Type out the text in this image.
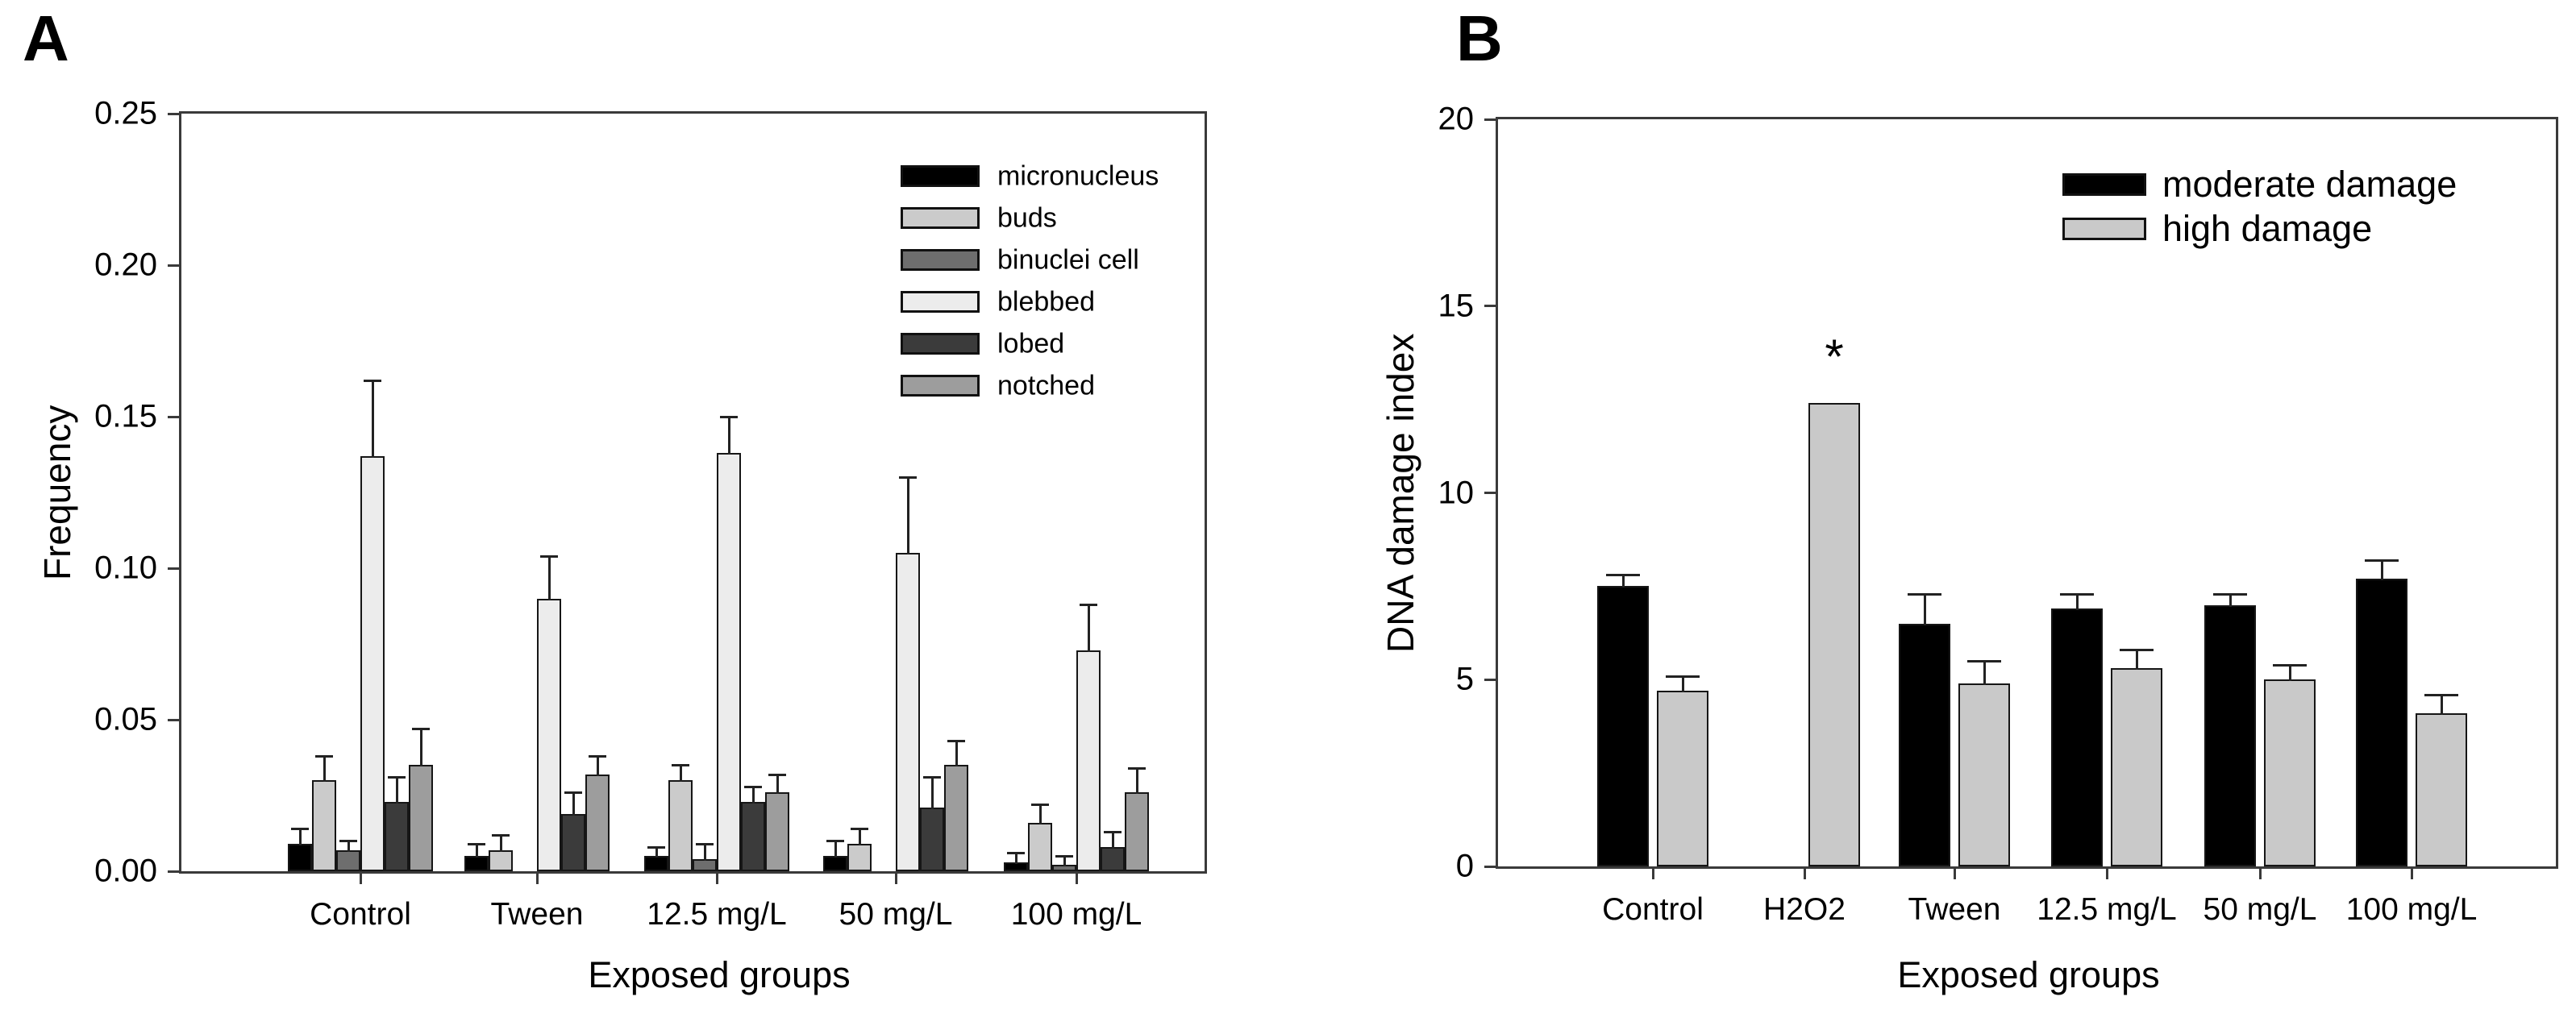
A	B
Frequency	DNA damage index
0.00
0.05
0.10
0.15
0.20
0.25
Control	Tween 12.5 mg/L 50 mg/L 100 mg/L
micronucleus
buds
binuclei cell
blebbed
lobed
notched
0
5
10
15
20
Control H2O2 Tween 12.5 mg/L 50 mg/L 100 mg/L
moderate damage
high damage
*
Exposed groups	Exposed groups
